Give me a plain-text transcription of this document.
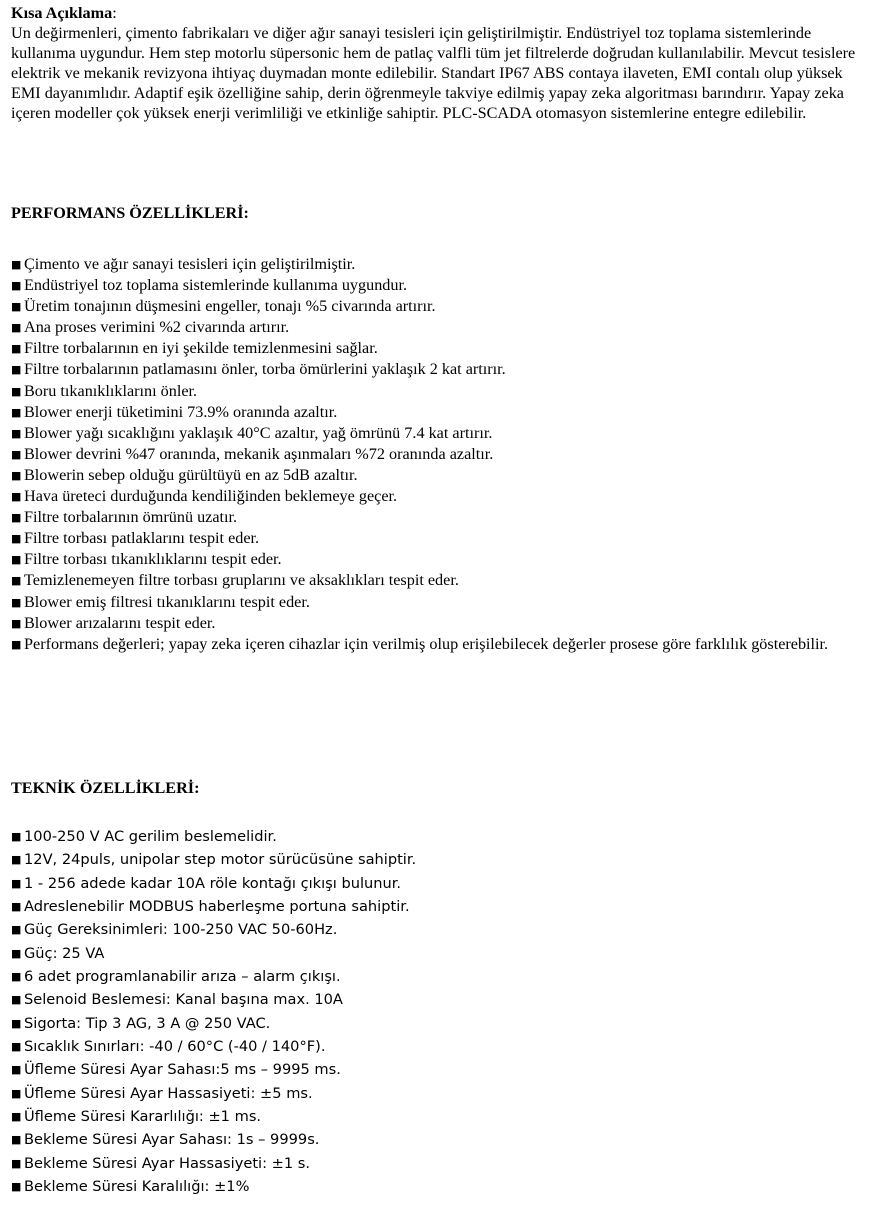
Kısa Açıklama:
Un değirmenleri, çimento fabrikaları ve diğer ağır sanayi tesisleri için geliştirilmiştir. Endüstriyel toz toplama sistemlerinde kullanıma uygundur. Hem step motorlu süpersonic hem de patlaç valfli tüm jet filtrelerde doğrudan kullanılabilir. Mevcut tesislere elektrik ve mekanik revizyona ihtiyaç duymadan monte edilebilir. Standart IP67 ABS contaya ilaveten, EMI contalı olup yüksek EMI dayanımlıdır. Adaptif eşik özelliğine sahip, derin öğrenmeyle takviye edilmiş yapay zeka algoritması barındırır. Yapay zeka içeren modeller çok yüksek enerji verimliliği ve etkinliğe sahiptir. PLC-SCADA otomasyon sistemlerine entegre edilebilir.

PERFORMANS ÖZELLİKLERİ:
■ Çimento ve ağır sanayi tesisleri için geliştirilmiştir.
■ Endüstriyel toz toplama sistemlerinde kullanıma uygundur.
■ Üretim tonajının düşmesini engeller, tonajı %5 civarında artırır.
■ Ana proses verimini %2 civarında artırır.
■ Filtre torbalarının en iyi şekilde temizlenmesini sağlar.
■ Filtre torbalarının patlamasını önler, torba ömürlerini yaklaşık 2 kat artırır.
■ Boru tıkanıklıklarını önler.
■ Blower enerji tüketimini 73.9% oranında azaltır.
■ Blower yağı sıcaklığını yaklaşık 40°C azaltır, yağ ömrünü 7.4 kat artırır.
■ Blower devrini %47 oranında, mekanik aşınmaları %72 oranında azaltır.
■ Blowerin sebep olduğu gürültüyü en az 5dB azaltır.
■ Hava üreteci durduğunda kendiliğinden beklemeye geçer.
■ Filtre torbalarının ömrünü uzatır.
■ Filtre torbası patlaklarını tespit eder.
■ Filtre torbası tıkanıklıklarını tespit eder.
■ Temizlenemeyen filtre torbası gruplarını ve aksaklıkları tespit eder.
■ Blower emiş filtresi tıkanıklarını tespit eder.
■ Blower arızalarını tespit eder.
■ Performans değerleri; yapay zeka içeren cihazlar için verilmiş olup erişilebilecek değerler prosese göre farklılık gösterebilir.
TEKNİK ÖZELLİKLERİ:
■ 100-250 V AC gerilim beslemelidir.
■ 12V, 24puls, unipolar step motor sürücüsüne sahiptir.
■ 1 - 256 adede kadar 10A röle kontağı çıkışı bulunur.
■ Adreslenebilir MODBUS haberleşme portuna sahiptir.
■ Güç Gereksinimleri: 100-250 VAC 50-60Hz.
■ Güç: 25 VA
■ 6 adet programlanabilir arıza – alarm çıkışı.
■ Selenoid Beslemesi: Kanal başına max. 10A
■ Sigorta: Tip 3 AG, 3 A @ 250 VAC.
■ Sıcaklık Sınırları: -40 / 60°C (-40 / 140°F).
■ Üfleme Süresi Ayar Sahası:5 ms – 9995 ms.
■ Üfleme Süresi Ayar Hassasiyeti: ±5 ms.
■ Üfleme Süresi Kararlılığı: ±1 ms.
■ Bekleme Süresi Ayar Sahası: 1s – 9999s.
■ Bekleme Süresi Ayar Hassasiyeti: ±1 s.
■ Bekleme Süresi Karalılığı: ±1%
